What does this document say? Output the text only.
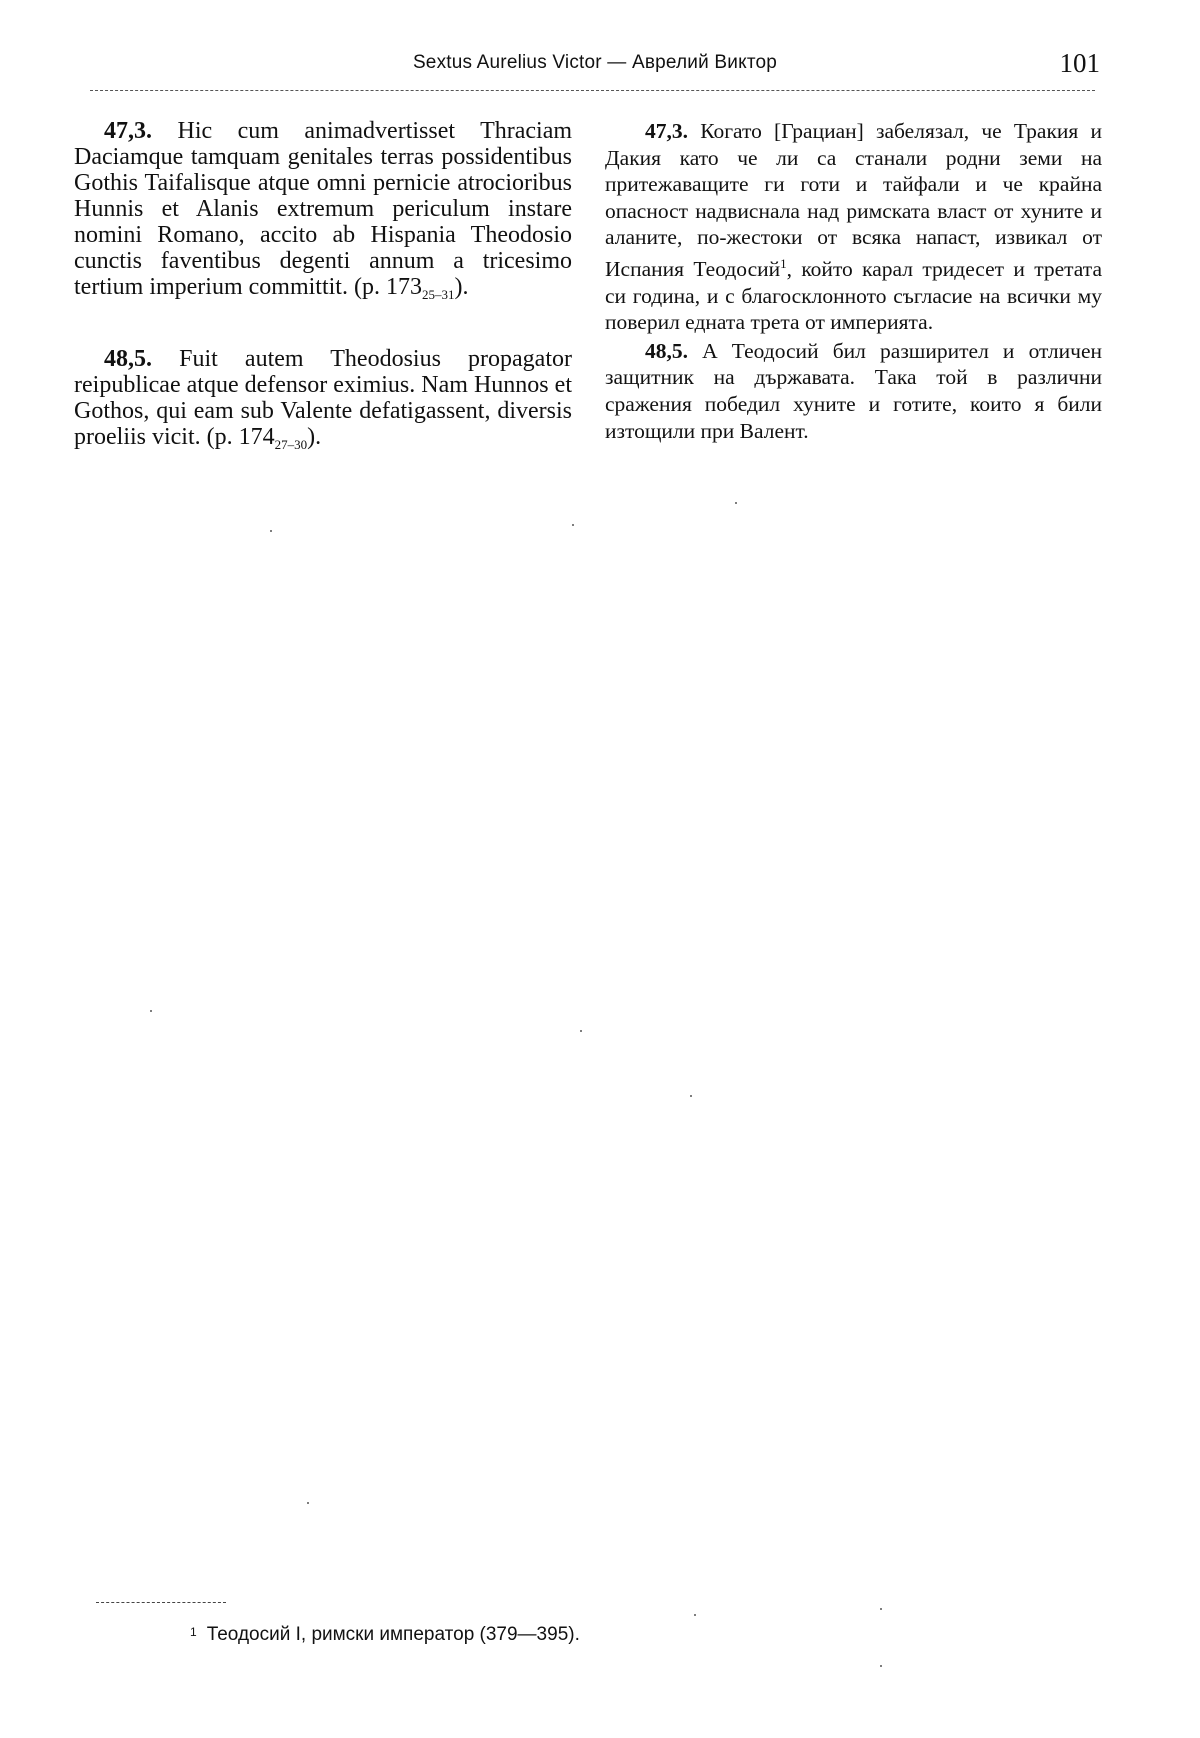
Sextus Aurelius Victor — Аврелий Виктор	101

47,3. Hic cum animadvertisset Thraciam Daciamque tamquam genitales terras possidentibus Gothis Taifalisque atque omni pernicie atrocioribus Hunnis et Alanis extremum periculum instare nomini Romano, accito ab Hispania Theodosio cunctis faventibus degenti annum a tricesimo tertium imperium committit. (p. $173_{25-31}$).

48,5. Fuit autem Theodosius propagator reipublicae atque defensor eximius. Nam Hunnos et Gothos, qui eam sub Valente defatigassent, diversis proeliis vicit. (p. $174_{27-30}$).

47,3. Когато [Грациан] забелязал, че Тракия и Дакия като че ли са станали родни земи на притежаващите ги готи и тайфали и че крайна опасност надвиснала над римската власт от хуните и аланите, по-жестоки от всяка напаст, извикал от Испания Теодосий$^1$, който карал тридесет и третата си година, и с благосклонното съгласие на всички му поверил едната трета от империята.

48,5. А Теодосий бил разширител и отличен защитник на държавата. Така той в различни сражения победил хуните и готите, които я били изтощили при Валент.

$^1$ Теодосий I, римски император (379—395).
